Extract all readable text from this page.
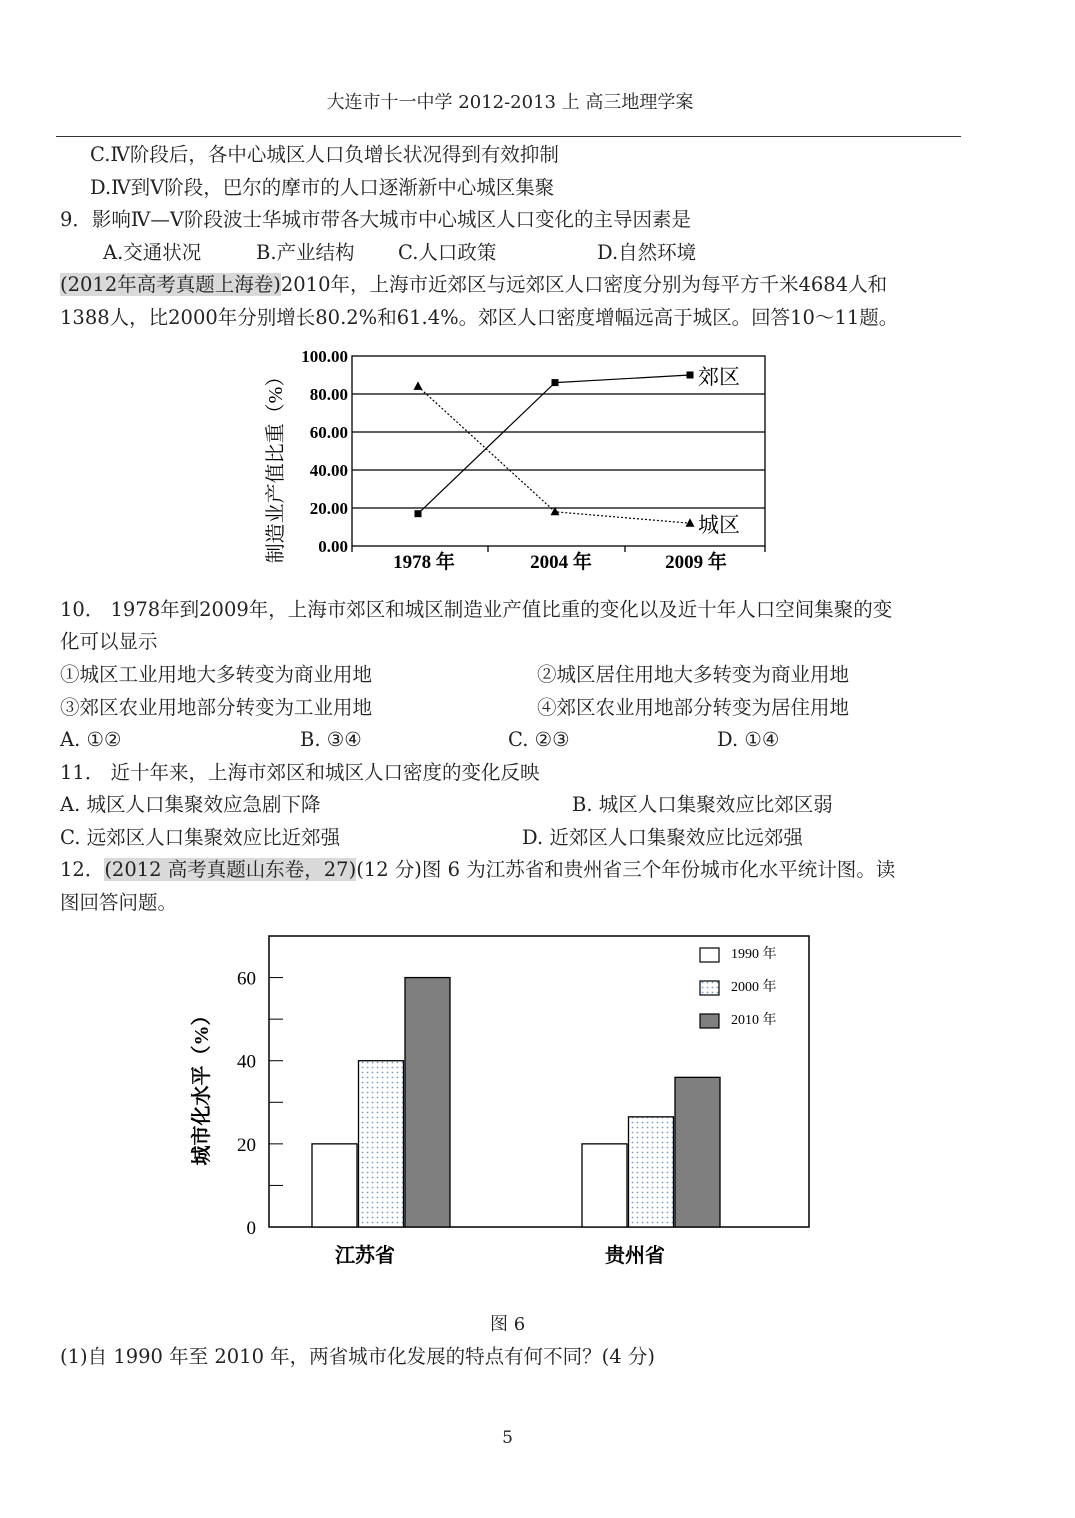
大连市十一中学 2012-2013 上 高三地理学案
C.Ⅳ阶段后，各中心城区人口负增长状况得到有效抑制
D.Ⅳ到Ⅴ阶段，巴尔的摩市的人口逐渐新中心城区集聚
9．影响Ⅳ—Ⅴ阶段波士华城市带各大城市中心城区人口变化的主导因素是
A.交通状况	B.产业结构 C.人口政策	D.自然环境
(2012年高考真题上海卷)2010年，上海市近郊区与远郊区人口密度分别为每平方千米4684人和
1388人，比2000年分别增长80.2%和61.4%。郊区人口密度增幅远高于城区。回答10～11题。
0.00
20.00
40.00
60.00
80.00
100.00
1978 年	2004 年	2009 年
制造业产值比重（%）	郊区
城区
10． 1978年到2009年，上海市郊区和城区制造业产值比重的变化以及近十年人口空间集聚的变
化可以显示
①城区工业用地大多转变为商业用地	②城区居住用地大多转变为商业用地
③郊区农业用地部分转变为工业用地	④郊区农业用地部分转变为居住用地
A. ①②	B. ③④	C. ②③	D. ①④
11． 近十年来，上海市郊区和城区人口密度的变化反映
A. 城区人口集聚效应急剧下降	B. 城区人口集聚效应比郊区弱
C. 远郊区人口集聚效应比近郊强	D. 近郊区人口集聚效应比远郊强
12．(2012 高考真题山东卷，27)(12 分)图 6 为江苏省和贵州省三个年份城市化水平统计图。读
图回答问题。
0
20
40
60
城市化水平（%）
江苏省	贵州省
1990 年
2000 年
2010 年
图 6
(1)自 1990 年至 2010 年，两省城市化发展的特点有何不同？(4 分)
5
